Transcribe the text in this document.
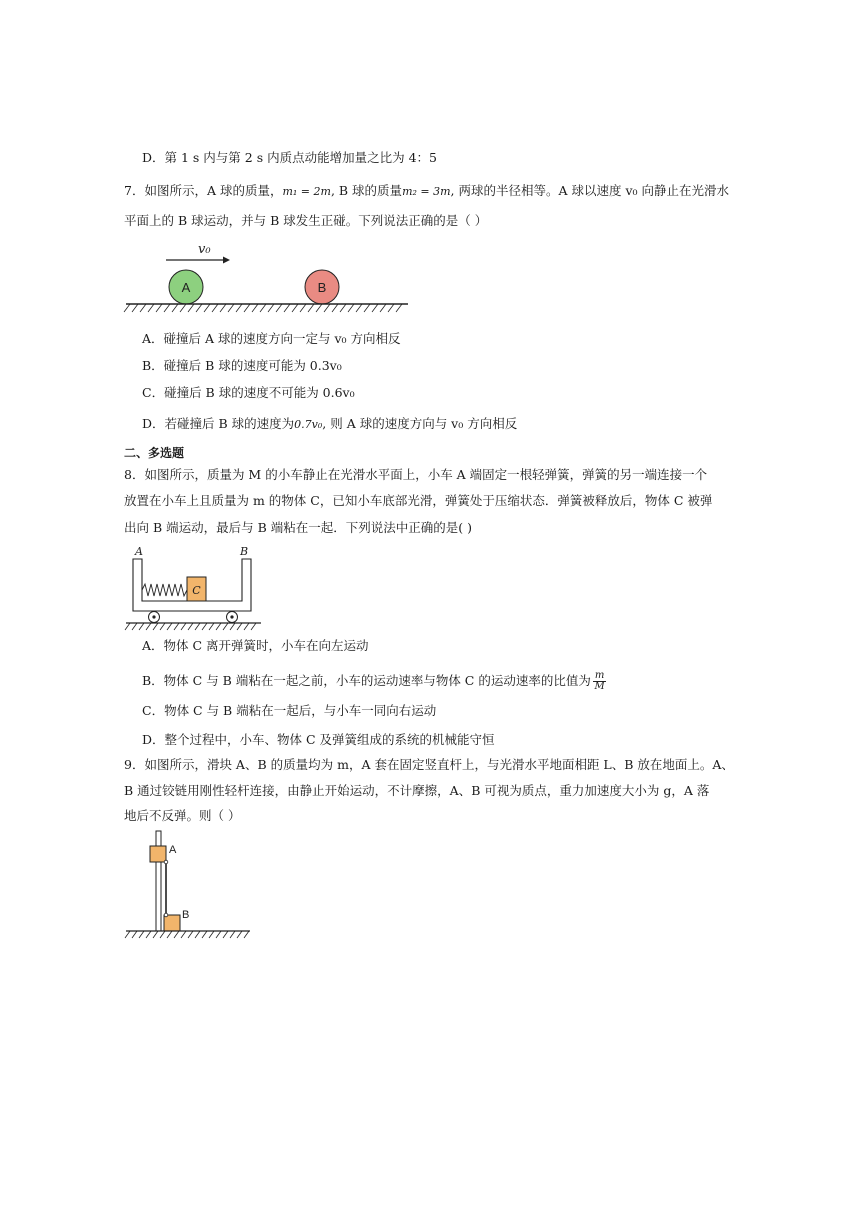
D．第 1 s 内与第 2 s 内质点动能增加量之比为 4：5
7．如图所示，A 球的质量，m₁ = 2m, B 球的质量m₂ = 3m, 两球的半径相等。A 球以速度 v₀ 向静止在光滑水
平面上的 B 球运动，并与 B 球发生正碰。下列说法正确的是（ ）
v₀
A	B
A．碰撞后 A 球的速度方向一定与 v₀ 方向相反
B．碰撞后 B 球的速度可能为 0.3v₀
C．碰撞后 B 球的速度不可能为 0.6v₀
D．若碰撞后 B 球的速度为0.7v₀, 则 A 球的速度方向与 v₀ 方向相反
二、多选题
8．如图所示，质量为 M 的小车静止在光滑水平面上，小车 A 端固定一根轻弹簧，弹簧的另一端连接一个
放置在小车上且质量为 m 的物体 C，已知小车底部光滑，弹簧处于压缩状态．弹簧被释放后，物体 C 被弹
出向 B 端运动，最后与 B 端粘在一起．下列说法中正确的是( )
A	B
C
A．物体 C 离开弹簧时，小车在向左运动
B．物体 C 与 B 端粘在一起之前，小车的运动速率与物体 C 的运动速率的比值为 $\frac{m}{M}$
C．物体 C 与 B 端粘在一起后，与小车一同向右运动
D．整个过程中，小车、物体 C 及弹簧组成的系统的机械能守恒
9．如图所示，滑块 A、B 的质量均为 m，A 套在固定竖直杆上，与光滑水平地面相距 L、B 放在地面上。A、
B 通过铰链用刚性轻杆连接，由静止开始运动，不计摩擦，A、B 可视为质点，重力加速度大小为 g，A 落
地后不反弹。则（ ）
A
B
